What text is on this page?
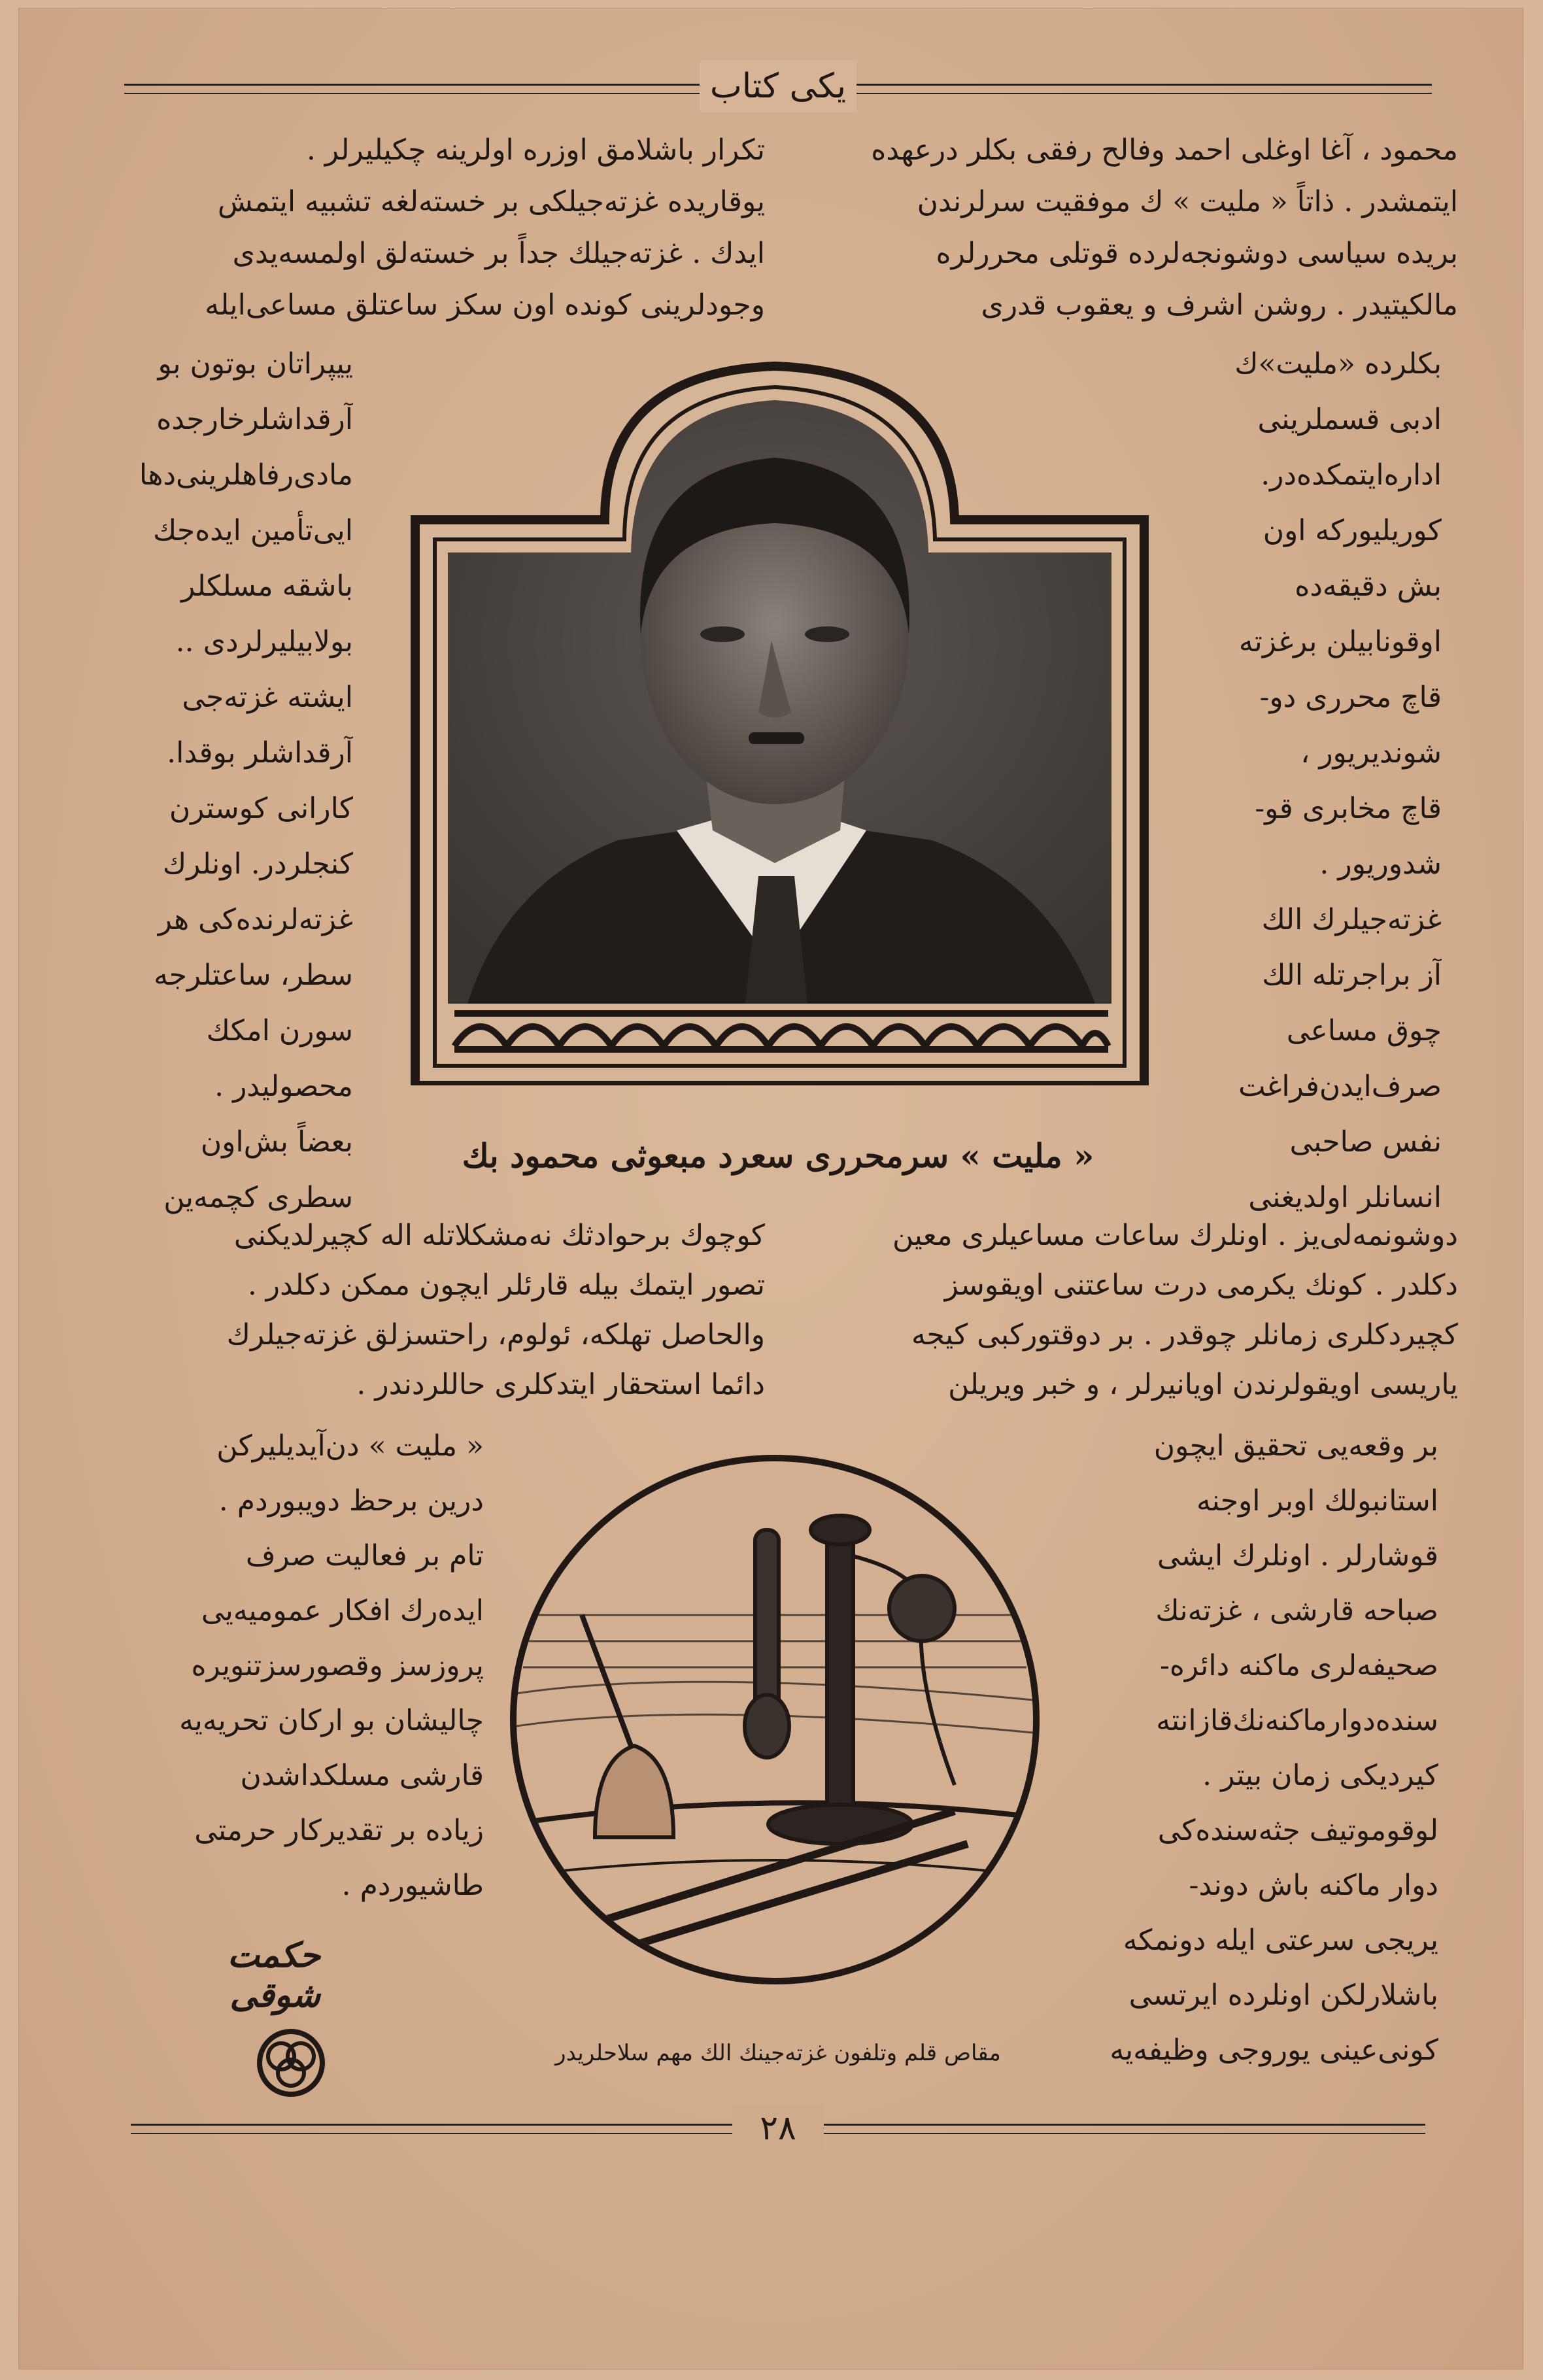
یكی كتاب
محمود ، آغا اوغلی احمد وفالح رفقی بكلر درعهده
ایتمشدر . ذاتاً « ملیت » ك موفقیت سرلرندن
بریده سیاسی دوشونجه‌لرده قوتلی محررلره
مالكیتیدر . روشن اشرف و یعقوب قدری
تكرار باشلامق اوزره اولرینه چكیلیرلر .
یوقاریده غزته‌جیلكی بر خسته‌لغه تشبیه ایتمش
ایدك . غزته‌جیلك جداً بر خسته‌لق اولمسه‌یدی
وجودلرینی كونده اون سكز ساعتلق مساعی‌ایله
بكلرده «ملیت»ك
ادبی قسملرینی
اداره‌ایتمكده‌در.
كوریلیوركه اون
بش دقیقه‌ده
اوقونابیلن برغزته
قاچ محرری دو-
شوندیریور ،
قاچ مخابری قو-
شدوریور .
غزته‌جیلرك الك
آز براجرتله الك
چوق مساعی
صرف‌ایدن‌فراغت
نفس صاحبی
انسانلر اولدیغنی
ییپراتان بوتون بو
آرقداشلرخارجده
مادی‌رفاهلرینی‌دها
ایی‌تأمین ایده‌جك
باشقه مسلكلر
بولابیلیرلردی ..
ایشته غزته‌جی
آرقداشلر بوقدا.
كارانی كوسترن
كنجلردر. اونلرك
غزته‌لرنده‌كی هر
سطر، ساعتلرجه
سورن امكك
محصولیدر .
بعضاً بش‌اون
سطری كچمه‌ین
« ملیت » سرمحرری سعرد مبعوثی محمود بك
دوشونمه‌لی‌یز . اونلرك ساعات مساعیلری معین
دكلدر . كونك یكرمی درت ساعتنی اویقوسز
كچیردكلری زمانلر چوقدر . بر دوقتوركبی كیجه
یاریسی اویقولرندن اویانیرلر ، و خبر ویریلن
كوچوك برحوادثك نه‌مشكلاتله اله كچیرلدیكنی
تصور ایتمك بیله قارئلر ایچون ممكن دكلدر .
والحاصل تهلكه، ئولوم، راحتسزلق غزته‌جیلرك
دائما استحقار ایتدكلری حاللردندر .
بر وقعه‌یی تحقیق ایچون
استانبولك اوبر اوجنه
قوشارلر . اونلرك ایشی
صباحه قارشی ، غزته‌نك
صحیفه‌لری ماكنه دائره-
سنده‌دوارماكنه‌نك‌قازانته
كیردیكی زمان بیتر .
لوقوموتیف جثه‌سنده‌كی
دوار ماكنه باش دوند-
یریجی سرعتی ایله دونمكه
باشلارلكن اونلرده ایرتسی
كونی‌عینی یوروجی وظیفه‌یه
« ملیت » دن‌آیدیلیركن
درین برحظ دویبوردم .
تام بر فعالیت صرف
ایده‌رك افكار عمومیه‌یی
پروزسز وقصورسزتنویره
چالیشان بو اركان تحریه‌یه
قارشی مسلكداشدن
زیاده بر تقدیركار حرمتی
طاشیوردم .
حكمت شوقی
مقاص قلم وتلفون غزته‌جینك الك مهم سلاحلریدر
٢٨
